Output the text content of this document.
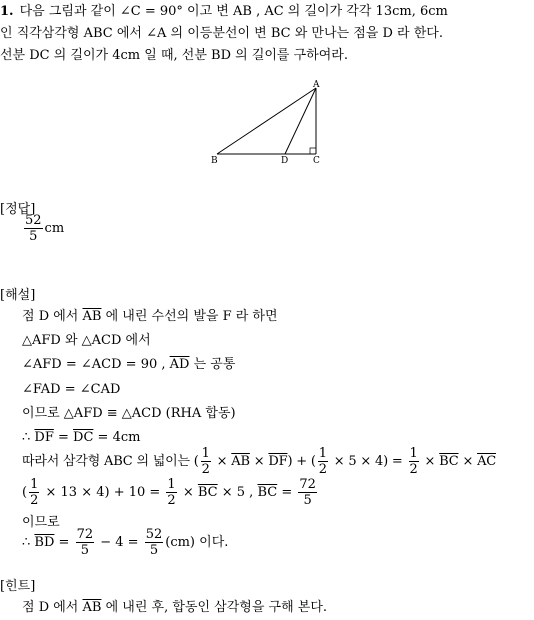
1. 다음 그림과 같이 ∠C = 90° 이고 변 AB , AC 의 길이가 각각 13cm, 6cm
인 직각삼각형 ABC 에서 ∠A 의 이등분선이 변 BC 와 만나는 점을 D 라 한다.
선분 DC 의 길이가 4cm 일 때, 선분 BD 의 길이를 구하여라.
A
B	D	C
[정답]
$\frac{52}{5}$ cm
[해설]
점 D 에서 $\overline{AB}$ 에 내린 수선의 발을 F 라 하면
△AFD 와 △ACD 에서
∠AFD = ∠ACD = 90 , $\overline{AD}$ 는 공통
∠FAD = ∠CAD
이므로 △AFD ≡ △ACD (RHA 합동)
∴ $\overline{DF} = \overline{DC} = 4cm$
따라서 삼각형 ABC 의 넓이는 ( $\frac{1}{2} \times \overline{AB} \times \overline{DF}$) + ( $\frac{1}{2} \times 5 \times 4) = \frac{1}{2} \times \overline{BC} \times \overline{AC}$
( $\frac{1}{2} \times 13 \times 4) + 10 = \frac{1}{2} \times \overline{BC} \times 5$ , $\overline{BC} = \frac{72}{5}$
이므로
∴ $\overline{BD} = \frac{72}{5} - 4 = \frac{52}{5} (cm)$ 이다.
[힌트]
점 D 에서 $\overline{AB}$ 에 내린 후, 합동인 삼각형을 구해 본다.
